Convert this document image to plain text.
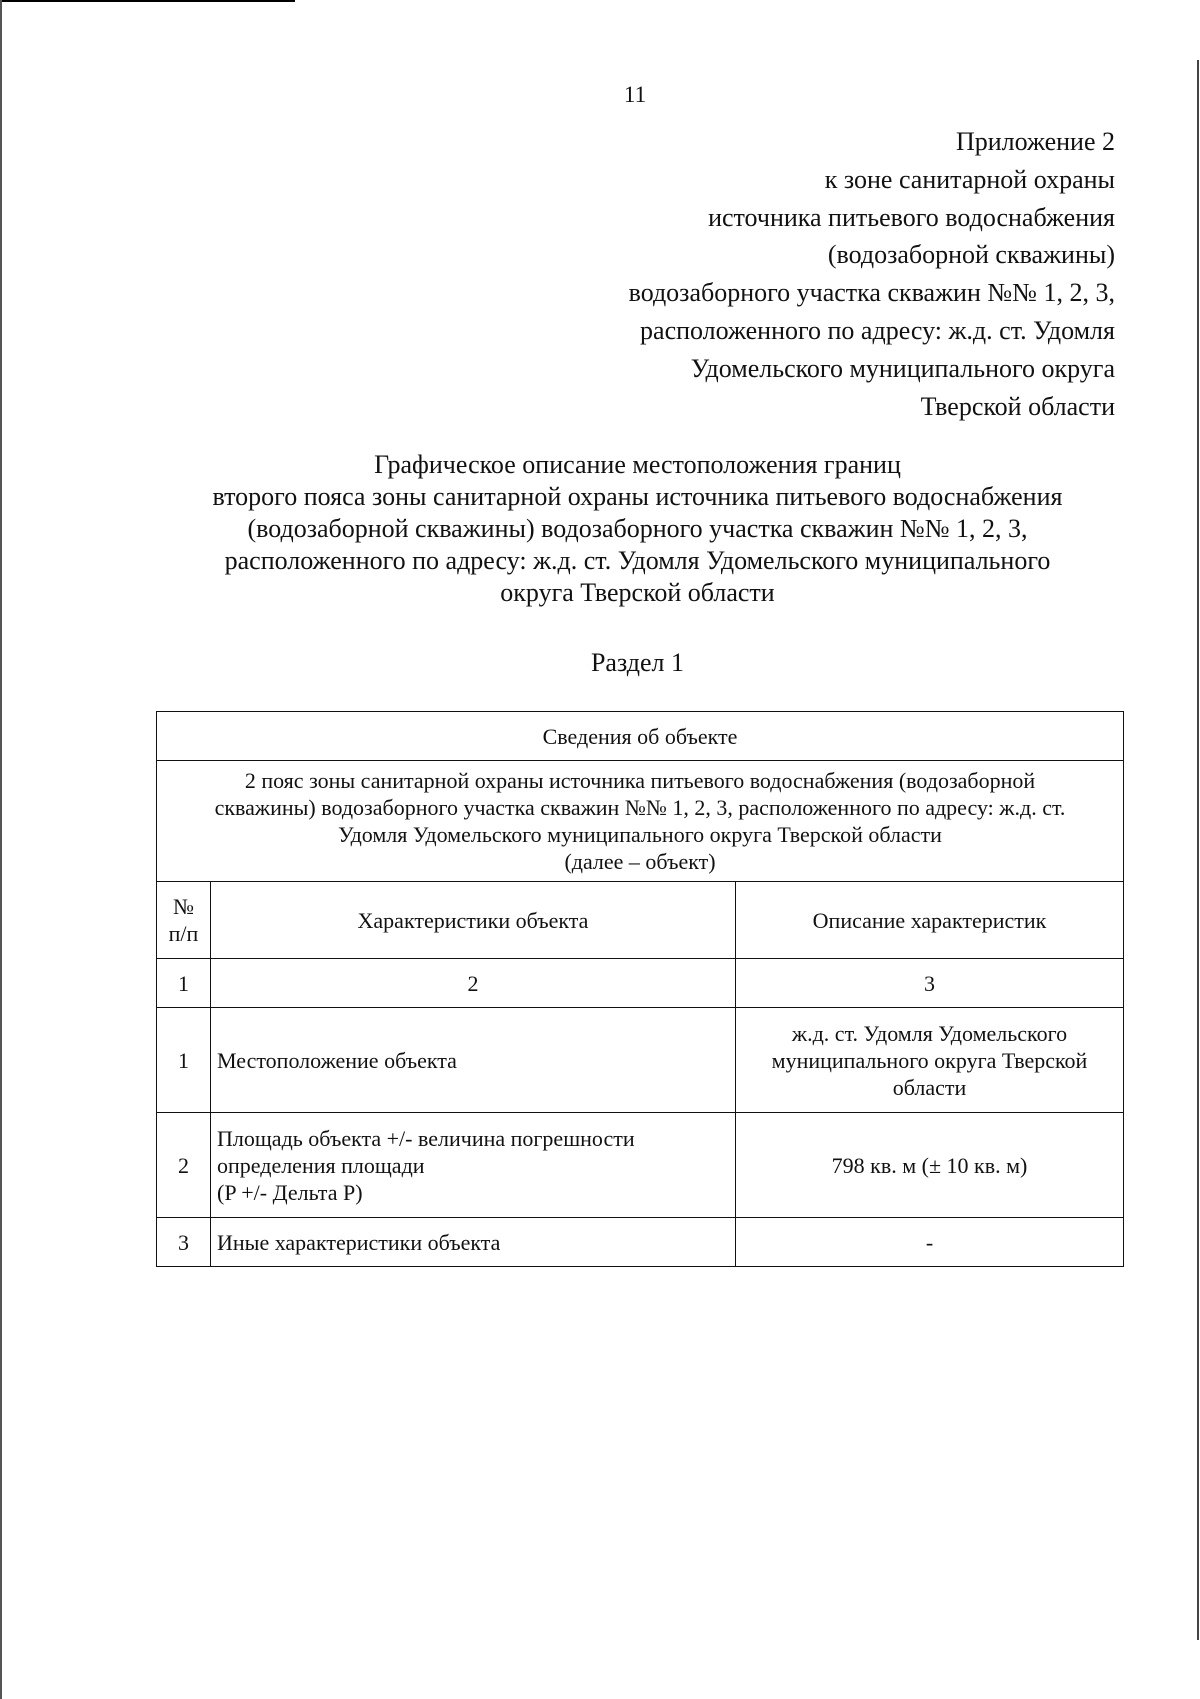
11
Приложение 2
к зоне санитарной охраны
источника питьевого водоснабжения
(водозаборной скважины)
водозаборного участка скважин №№ 1, 2, 3,
расположенного по адресу: ж.д. ст. Удомля
Удомельского муниципального округа
Тверской области
Графическое описание местоположения границ
второго пояса зоны санитарной охраны источника питьевого водоснабжения
(водозаборной скважины) водозаборного участка скважин №№ 1, 2, 3,
расположенного по адресу: ж.д. ст. Удомля Удомельского муниципального
округа Тверской области
Раздел 1
Сведения об объекте		

2 пояс зоны санитарной охраны источника питьевого водоснабжения (водозаборной
скважины) водозаборного участка скважин №№ 1, 2, 3, расположенного по адресу: ж.д. ст.
Удомля Удомельского муниципального округа Тверской области
(далее – объект)		

№
п/п	Характеристики объекта	Описание характеристик
1	2	3
1	Местоположение объекта	ж.д. ст. Удомля Удомельского
муниципального округа Тверской
области

2	Площадь объекта +/- величина погрешности
определения площади
(P +/- Дельта P)	798 кв. м (± 10 кв. м)

3	Иные характеристики объекта	-
